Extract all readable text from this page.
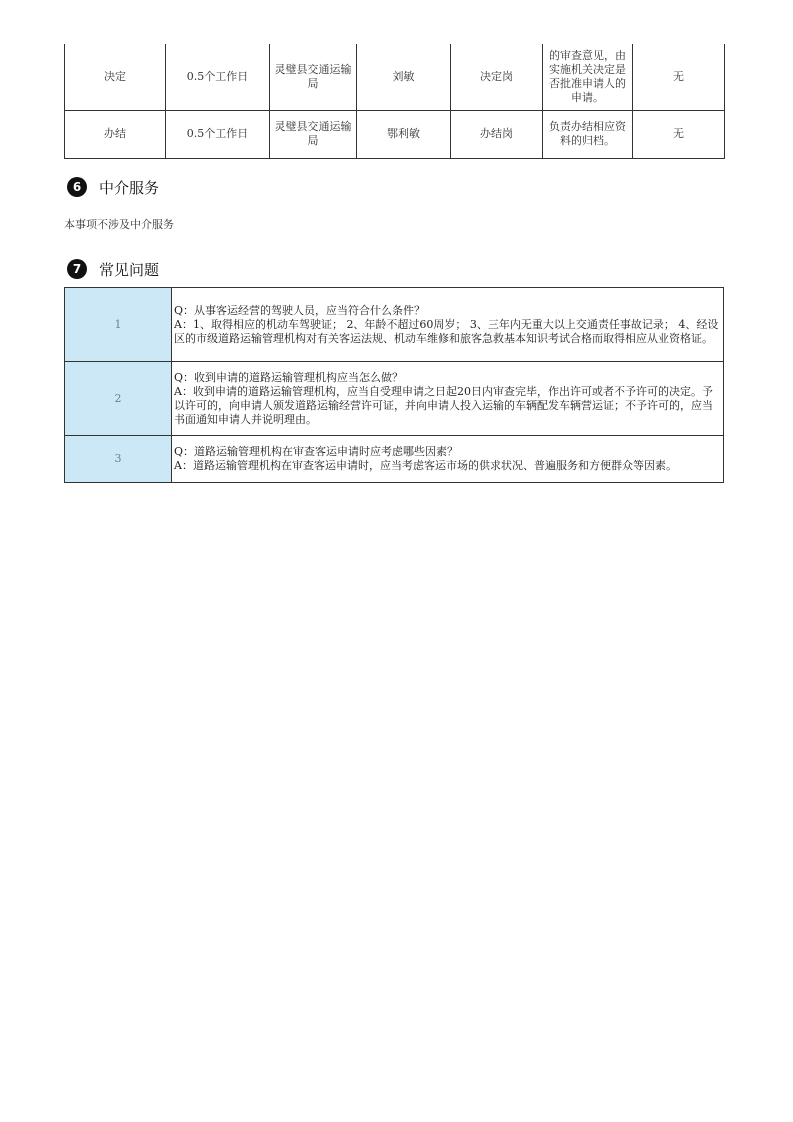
决定	0.5个工作日	灵璧县交通运输局	刘敏	决定岗	的审查意见，由实施机关决定是否批准申请人的申请。	无
办结	0.5个工作日	灵璧县交通运输局	鄂利敏	办结岗	负责办结相应资料的归档。	无
6	中介服务
本事项不涉及中介服务
7	常见问题
1	Q：从事客运经营的驾驶人员，应当符合什么条件？
A：1、取得相应的机动车驾驶证； 2、年龄不超过60周岁； 3、三年内无重大以上交通责任事故记录； 4、经设区的市级道路运输管理机构对有关客运法规、机动车维修和旅客急救基本知识考试合格而取得相应从业资格证。

2	Q：收到申请的道路运输管理机构应当怎么做？
A：收到申请的道路运输管理机构，应当自受理申请之日起20日内审查完毕，作出许可或者不予许可的决定。予以许可的，向申请人颁发道路运输经营许可证，并向申请人投入运输的车辆配发车辆营运证；不予许可的，应当书面通知申请人并说明理由。

3	Q：道路运输管理机构在审查客运申请时应考虑哪些因素？
A：道路运输管理机构在审查客运申请时，应当考虑客运市场的供求状况、普遍服务和方便群众等因素。
